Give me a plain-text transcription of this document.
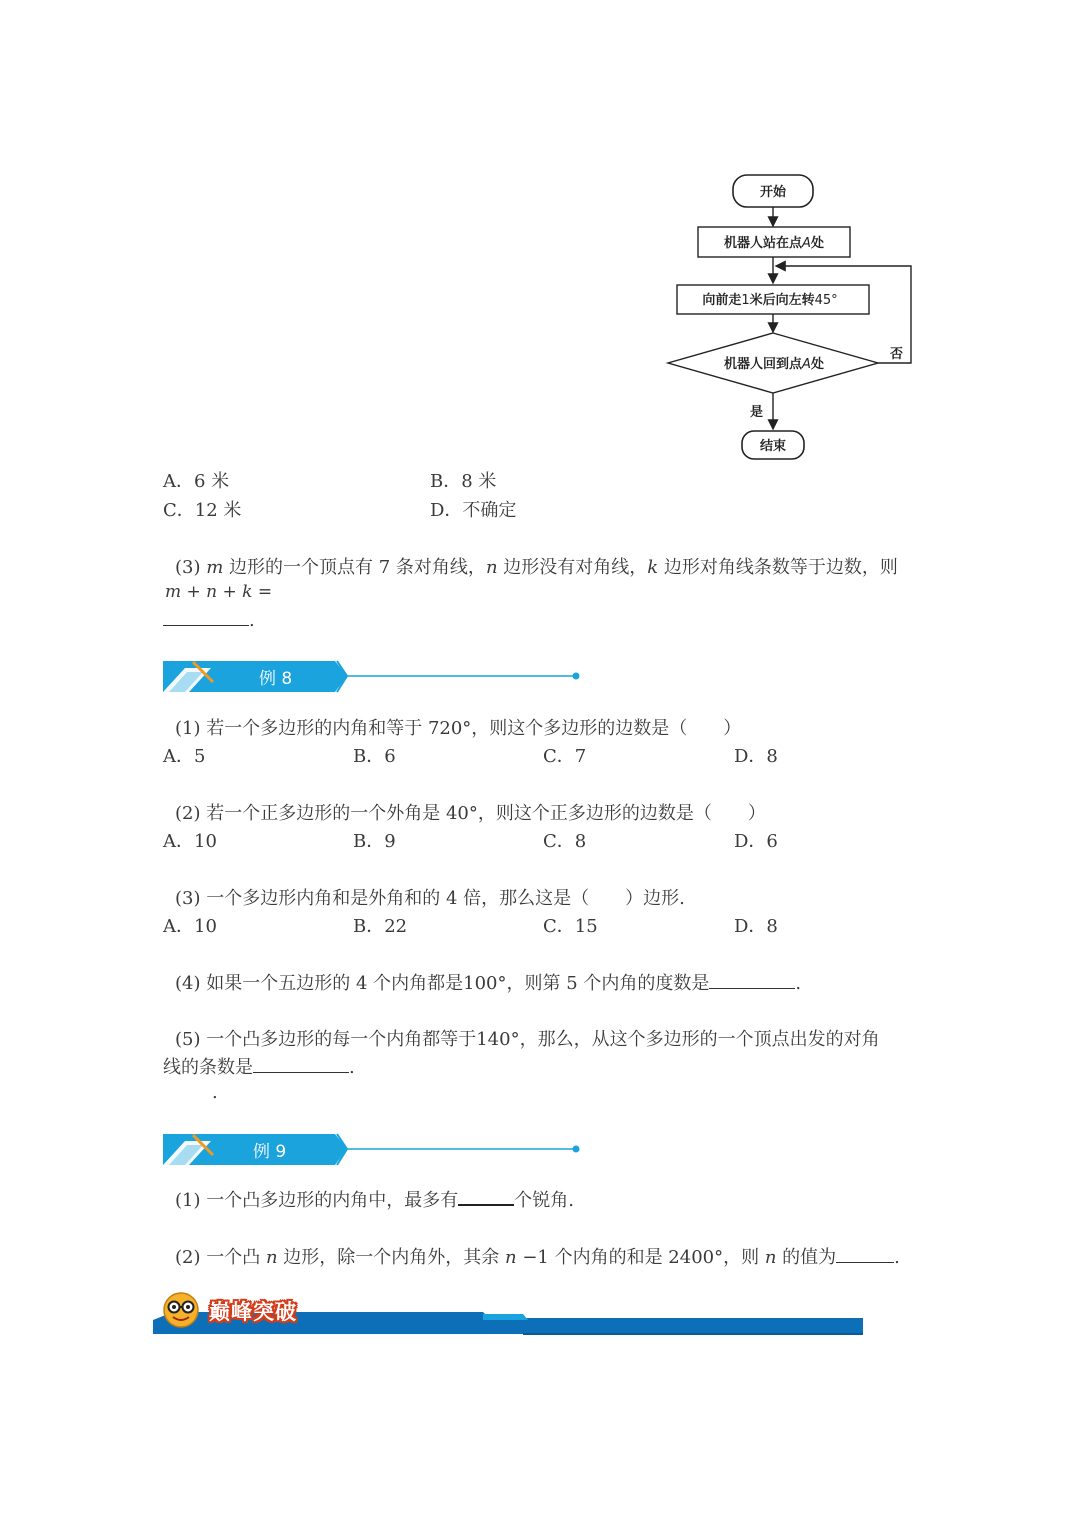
开始
机器人站在点A处
向前走1米后向左转45°
机器人回到点A处
否
是
结束
A．6 米	B．8 米
C．12 米	D．不确定
(3) m 边形的一个顶点有 7 条对角线，n 边形没有对角线，k 边形对角线条数等于边数，则
m + n + k =
.
例 8
(1) 若一个多边形的内角和等于 720°，则这个多边形的边数是（　　）
A．5	B．6	C．7	D．8
(2) 若一个正多边形的一个外角是 40°，则这个正多边形的边数是（　　）
A．10	B．9	C．8	D．6
(3) 一个多边形内角和是外角和的 4 倍，那么这是（　　）边形.
A．10	B．22	C．15	D．8
(4) 如果一个五边形的 4 个内角都是100°，则第 5 个内角的度数是	.
(5) 一个凸多边形的每一个内角都等于140°，那么，从这个多边形的一个顶点出发的对角
线的条数是	.
.
例 9
(1) 一个凸多边形的内角中，最多有	个锐角.
(2) 一个凸 n 边形，除一个内角外，其余 n −1 个内角的和是 2400°，则 n 的值为	.
巅峰突破
